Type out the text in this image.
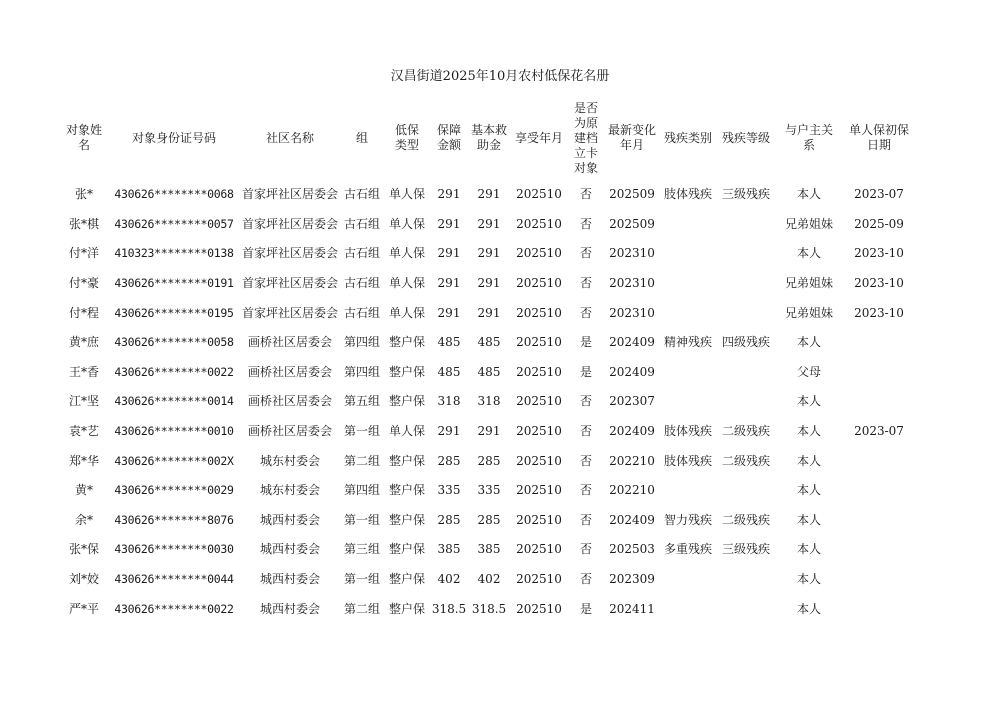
汉昌街道2025年10月农村低保花名册
对象姓名	对象身份证号码	社区名称	组	低保类型	保障金额	基本救助金	享受年月	是否为原建档立卡对象	最新变化年月	残疾类别	残疾等级	与户主关系	单人保初保日期
张*	430626********0068	首家坪社区居委会	古石组	单人保	291	291	202510	否	202509	肢体残疾	三级残疾	本人	2023-07
张*棋	430626********0057	首家坪社区居委会	古石组	单人保	291	291	202510	否	202509			兄弟姐妹	2025-09
付*洋	410323********0138	首家坪社区居委会	古石组	单人保	291	291	202510	否	202310			本人	2023-10
付*豪	430626********0191	首家坪社区居委会	古石组	单人保	291	291	202510	否	202310			兄弟姐妹	2023-10
付*程	430626********0195	首家坪社区居委会	古石组	单人保	291	291	202510	否	202310			兄弟姐妹	2023-10
黄*庶	430626********0058	画桥社区居委会	第四组	整户保	485	485	202510	是	202409	精神残疾	四级残疾	本人	
王*香	430626********0022	画桥社区居委会	第四组	整户保	485	485	202510	是	202409			父母	
江*坚	430626********0014	画桥社区居委会	第五组	整户保	318	318	202510	否	202307			本人	
袁*艺	430626********0010	画桥社区居委会	第一组	单人保	291	291	202510	否	202409	肢体残疾	二级残疾	本人	2023-07
郑*华	430626********002X	城东村委会	第二组	整户保	285	285	202510	否	202210	肢体残疾	二级残疾	本人	
黄*	430626********0029	城东村委会	第四组	整户保	335	335	202510	否	202210			本人	
余*	430626********8076	城西村委会	第一组	整户保	285	285	202510	否	202409	智力残疾	二级残疾	本人	
张*保	430626********0030	城西村委会	第三组	整户保	385	385	202510	否	202503	多重残疾	三级残疾	本人	
刘*姣	430626********0044	城西村委会	第一组	整户保	402	402	202510	否	202309			本人	
严*平	430626********0022	城西村委会	第二组	整户保	318.5	318.5	202510	是	202411			本人	
